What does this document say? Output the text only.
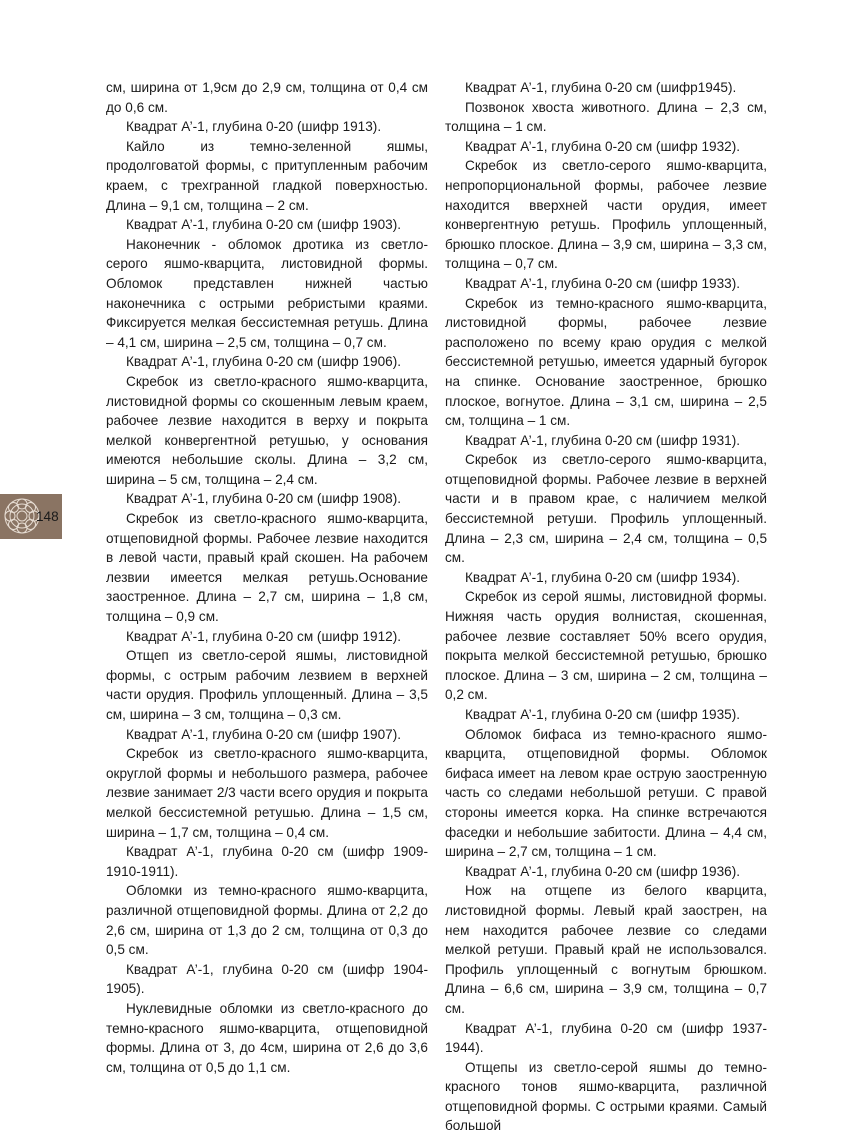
см, ширина от 1,9см до 2,9 см, толщина от 0,4 см до 0,6 см.

Квадрат А’-1, глубина 0-20 (шифр 1913).

Кайло из темно-зеленной яшмы, продолговатой формы, с притупленным рабочим краем, с трехгранной гладкой поверхностью. Длина – 9,1 см, толщина – 2 см.

Квадрат А’-1, глубина 0-20 см (шифр 1903).

Наконечник - обломок дротика из светло-серого яшмо-кварцита, листовидной формы. Обломок представлен нижней частью наконечника с острыми ребристыми краями. Фиксируется мелкая бессистемная ретушь. Длина – 4,1 см, ширина – 2,5 см, толщина – 0,7 см.

Квадрат А’-1, глубина 0-20 см (шифр 1906).

Скребок из светло-красного яшмо-кварцита, листовидной формы со скошенным левым краем, рабочее лезвие находится в верху и покрыта мелкой конвергентной ретушью, у основания имеются небольшие сколы. Длина – 3,2 см, ширина – 5 см, толщина – 2,4 см.

Квадрат А’-1, глубина 0-20 см (шифр 1908).

Скребок из светло-красного яшмо-кварцита, отщеповидной формы. Рабочее лезвие находится в левой части, правый край скошен. На рабочем лезвии имеется мелкая ретушь.Основание заостренное. Длина – 2,7 см, ширина – 1,8 см, толщина – 0,9 см.

Квадрат А’-1, глубина 0-20 см (шифр 1912).

Отщеп из светло-серой яшмы, листовидной формы, с острым рабочим лезвием в верхней части орудия. Профиль уплощенный. Длина – 3,5 см, ширина – 3 см, толщина – 0,3 см.

Квадрат А’-1, глубина 0-20 см (шифр 1907).

Скребок из светло-красного яшмо-кварцита, округлой формы и небольшого размера, рабочее лезвие занимает 2/3 части всего орудия и покрыта мелкой бессистемной ретушью. Длина – 1,5 см, ширина – 1,7 см, толщина – 0,4 см.

Квадрат А’-1, глубина 0-20 см (шифр 1909-1910-1911).

Обломки из темно-красного яшмо-кварцита, различной отщеповидной формы. Длина от 2,2 до 2,6 см, ширина от 1,3 до 2 см, толщина от 0,3 до 0,5 см.

Квадрат А’-1, глубина 0-20 см (шифр 1904-1905).

Нуклевидные обломки из светло-красного до темно-красного яшмо-кварцита, отщеповидной формы. Длина от 3, до 4см, ширина от 2,6 до 3,6 см, толщина от 0,5 до 1,1 см.

Квадрат А’-1, глубина 0-20 см (шифр1945).

Позвонок хвоста животного. Длина – 2,3 см, толщина – 1 см.

Квадрат А’-1, глубина 0-20 см (шифр 1932).

Скребок из светло-серого яшмо-кварцита, непропорциональной формы, рабочее лезвие находится вверхней части орудия, имеет конвергентную ретушь. Профиль уплощенный, брюшко плоское. Длина – 3,9 см, ширина – 3,3 см, толщина – 0,7 см.

Квадрат А’-1, глубина 0-20 см (шифр 1933).

Скребок из темно-красного яшмо-кварцита, листовидной формы, рабочее лезвие расположено по всему краю орудия с мелкой бессистемной ретушью, имеется ударный бугорок на спинке. Основание заостренное, брюшко плоское, вогнутое. Длина – 3,1 см, ширина – 2,5 см, толщина – 1 см.

Квадрат А’-1, глубина 0-20 см (шифр 1931).

Скребок из светло-серого яшмо-кварцита, отщеповидной формы. Рабочее лезвие в верхней части и в правом крае, с наличием мелкой бессистемной ретуши. Профиль уплощенный. Длина – 2,3 см, ширина – 2,4 см, толщина – 0,5 см.

Квадрат А’-1, глубина 0-20 см (шифр 1934).

Скребок из серой яшмы, листовидной формы. Нижняя часть орудия волнистая, скошенная, рабочее лезвие составляет 50% всего орудия, покрыта мелкой бессистемной ретушью, брюшко плоское. Длина – 3 см, ширина – 2 см, толщина – 0,2 см.

Квадрат А’-1, глубина 0-20 см (шифр 1935).

Обломок бифаса из темно-красного яшмо-кварцита, отщеповидной формы. Обломок бифаса имеет на левом крае острую заостренную часть со следами небольшой ретуши. С правой стороны имеется корка. На спинке встречаются фаседки и небольшие забитости. Длина – 4,4 см, ширина – 2,7 см, толщина – 1 см.

Квадрат А’-1, глубина 0-20 см (шифр 1936).

Нож на отщепе из белого кварцита, листовидной формы. Левый край заострен, на нем находится рабочее лезвие со следами мелкой ретуши. Правый край не использовался. Профиль уплощенный с вогнутым брюшком. Длина – 6,6 см, ширина – 3,9 см, толщина – 0,7 см.

Квадрат А’-1, глубина 0-20 см (шифр 1937-1944).

Отщепы из светло-серой яшмы до темно-красного тонов яшмо-кварцита, различной отщеповидной формы. С острыми краями. Самый большой

148
